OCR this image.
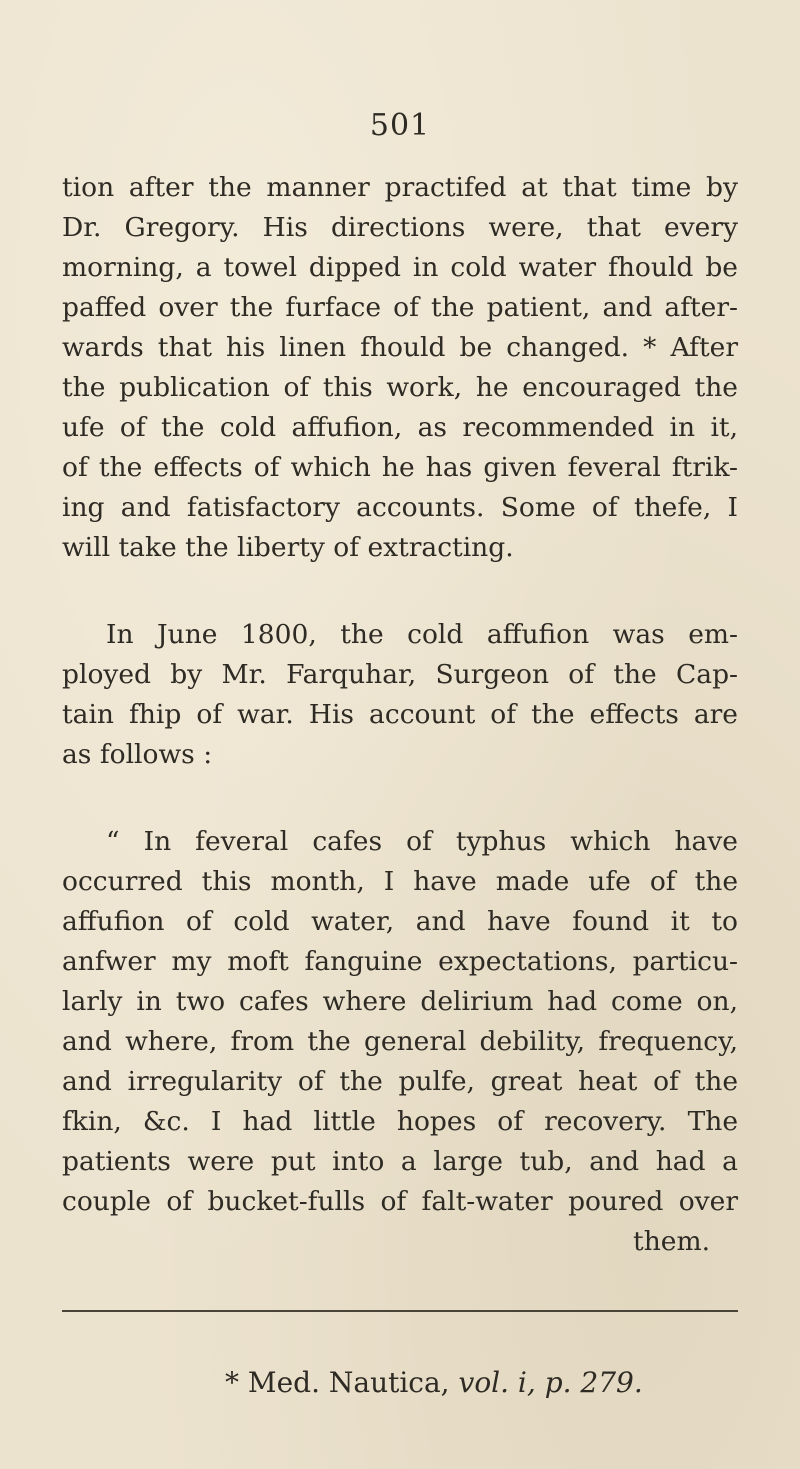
501
tion after the manner practifed at that time by
Dr. Gregory. His directions were, that every
morning, a towel dipped in cold water fhould be
paffed over the furface of the patient, and after-
wards that his linen fhould be changed. * After
the publication of this work, he encouraged the
ufe of the cold affufion, as recommended in it,
of the effects of which he has given feveral ftrik-
ing and fatisfactory accounts. Some of thefe, I
will take the liberty of extracting.
In June 1800, the cold affufion was em-
ployed by Mr. Farquhar, Surgeon of the Cap-
tain fhip of war. His account of the effects are
as follows :
“ In feveral cafes of typhus which have
occurred this month, I have made ufe of the
affufion of cold water, and have found it to
anfwer my moft fanguine expectations, particu-
larly in two cafes where delirium had come on,
and where, from the general debility, frequency,
and irregularity of the pulfe, great heat of the
fkin, &c. I had little hopes of recovery. The
patients were put into a large tub, and had a
couple of bucket-fulls of falt-water poured over
them.
* Med. Nautica, vol. i, p. 279.
